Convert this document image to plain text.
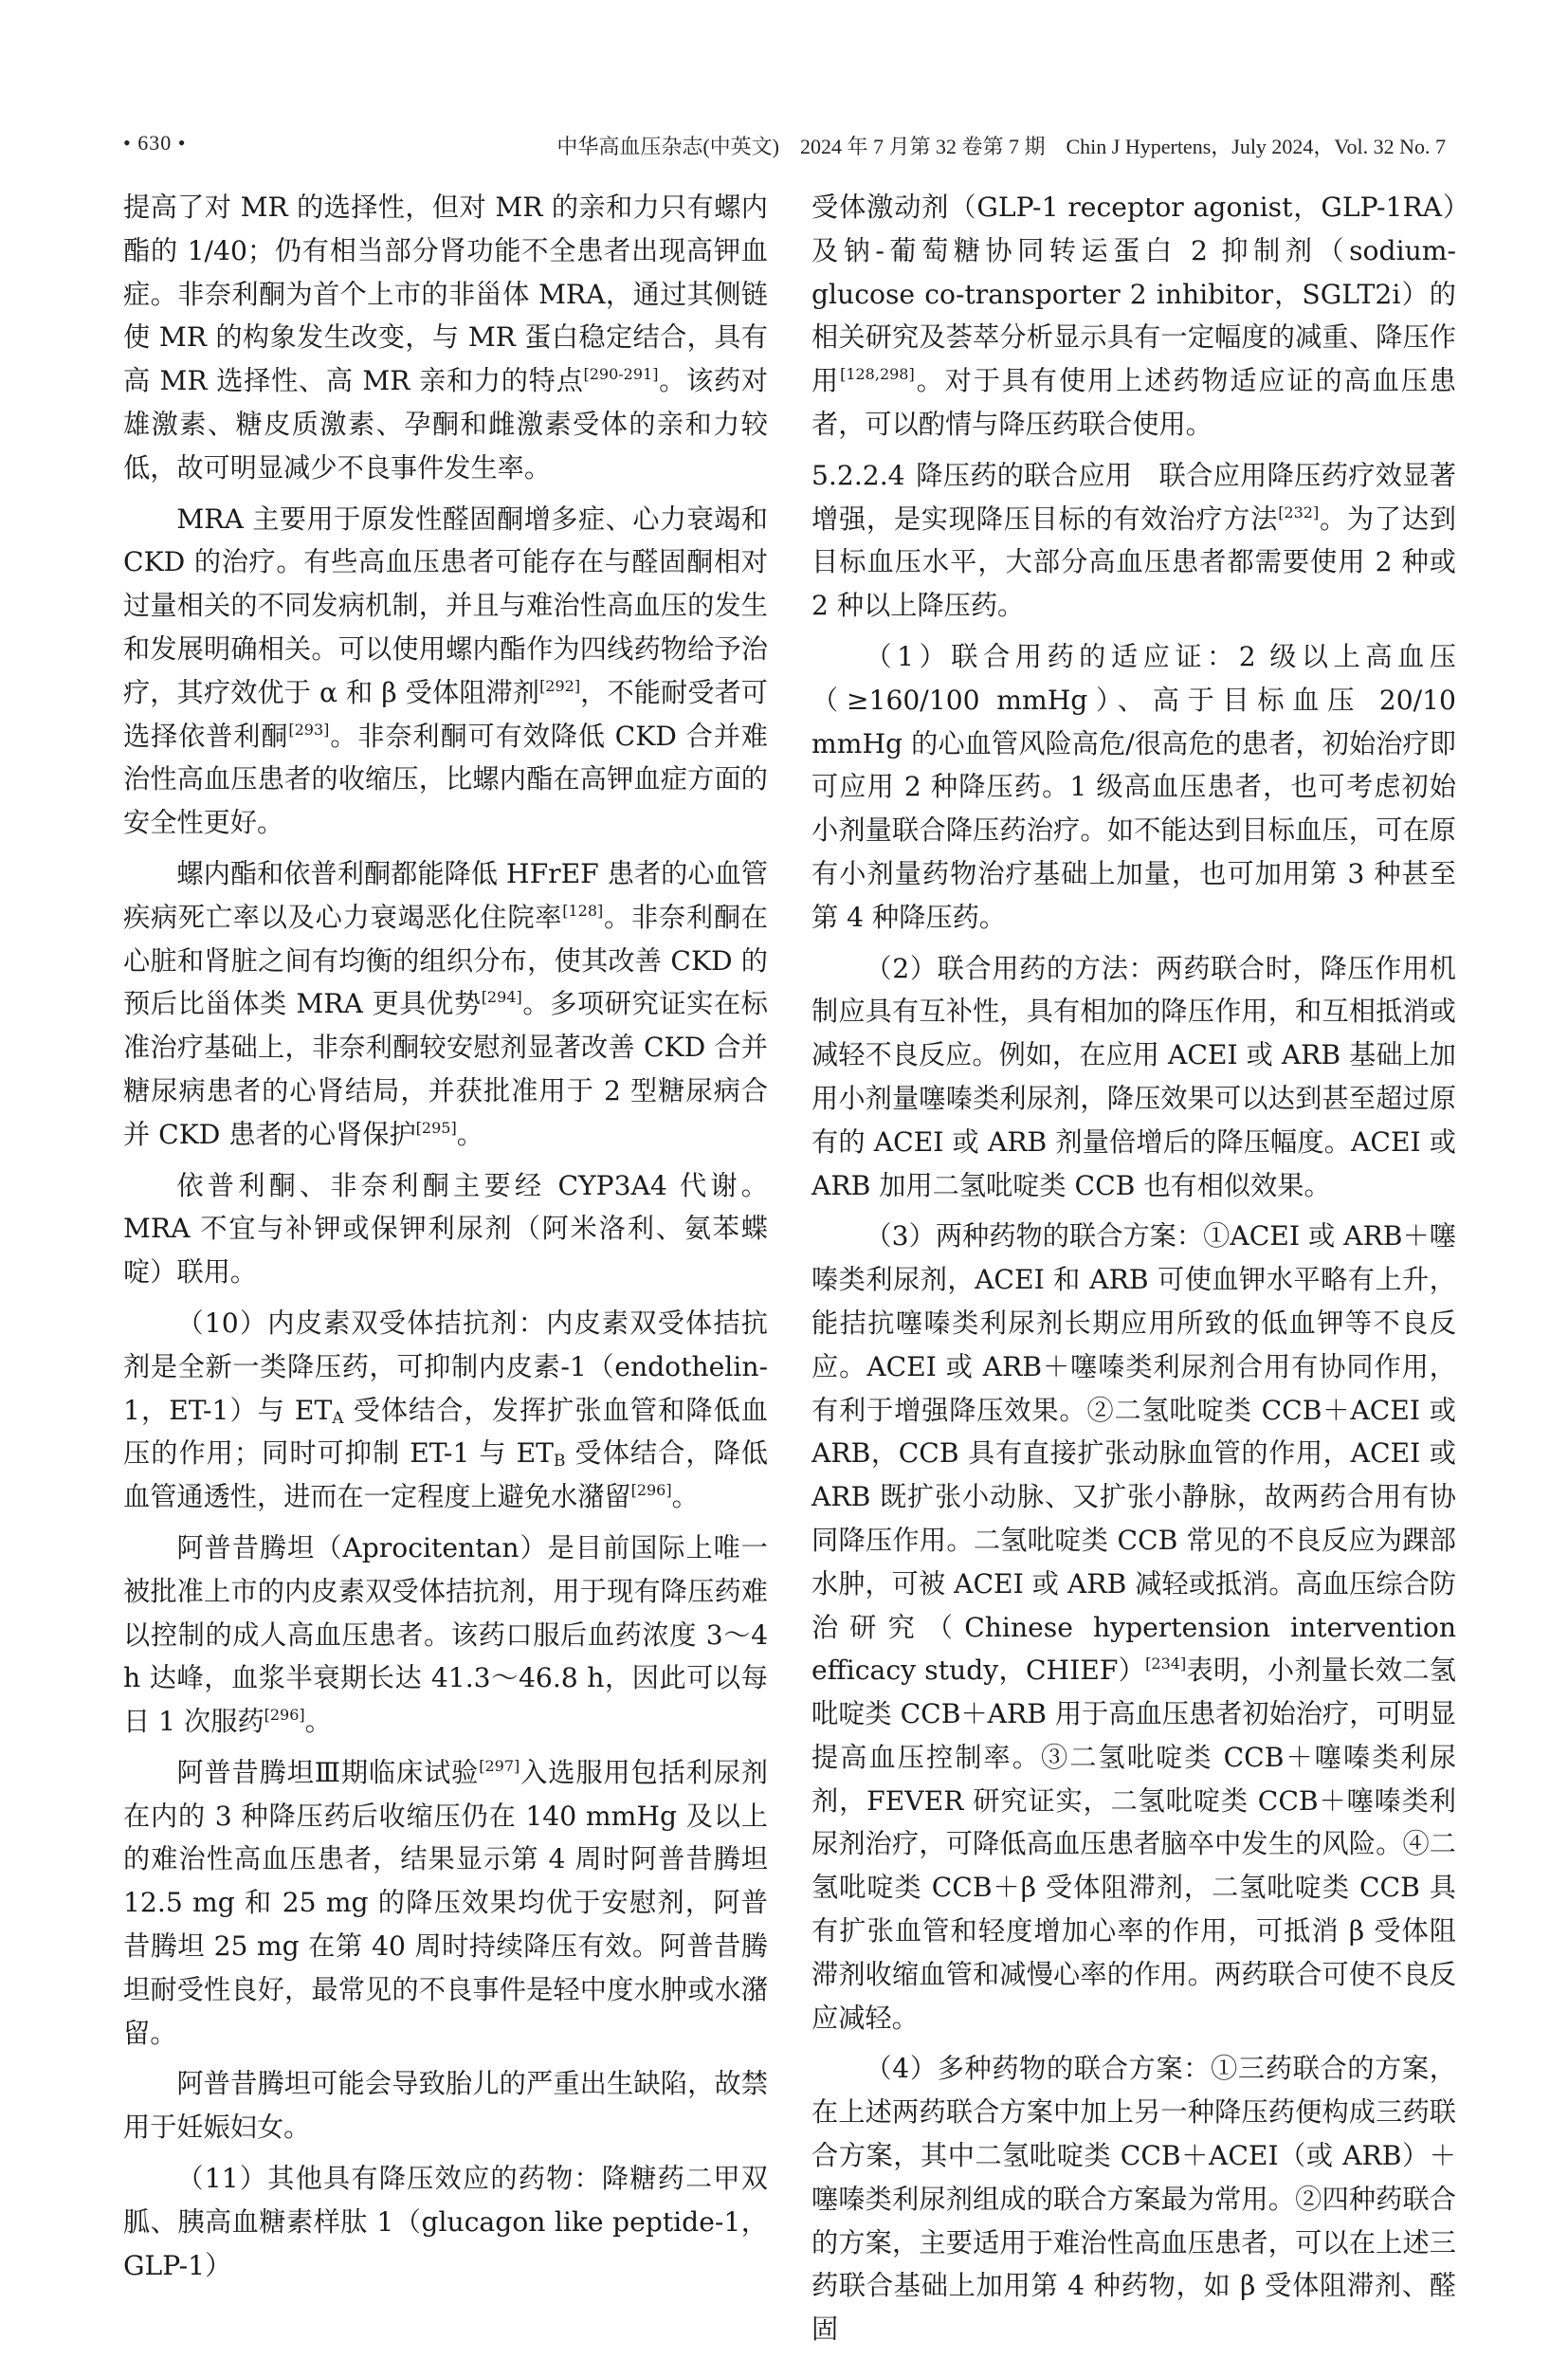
• 630 •	中华高血压杂志(中英文)　2024 年 7 月第 32 卷第 7 期　Chin J Hypertens，July 2024，Vol. 32 No. 7

提高了对 MR 的选择性，但对 MR 的亲和力只有螺内酯的 1/40；仍有相当部分肾功能不全患者出现高钾血症。非奈利酮为首个上市的非甾体 MRA，通过其侧链使 MR 的构象发生改变，与 MR 蛋白稳定结合，具有高 MR 选择性、高 MR 亲和力的特点[290-291]。该药对雄激素、糖皮质激素、孕酮和雌激素受体的亲和力较低，故可明显减少不良事件发生率。

MRA 主要用于原发性醛固酮增多症、心力衰竭和 CKD 的治疗。有些高血压患者可能存在与醛固酮相对过量相关的不同发病机制，并且与难治性高血压的发生和发展明确相关。可以使用螺内酯作为四线药物给予治疗，其疗效优于 α 和 β 受体阻滞剂[292]，不能耐受者可选择依普利酮[293]。非奈利酮可有效降低 CKD 合并难治性高血压患者的收缩压，比螺内酯在高钾血症方面的安全性更好。

螺内酯和依普利酮都能降低 HFrEF 患者的心血管疾病死亡率以及心力衰竭恶化住院率[128]。非奈利酮在心脏和肾脏之间有均衡的组织分布，使其改善 CKD 的预后比甾体类 MRA 更具优势[294]。多项研究证实在标准治疗基础上，非奈利酮较安慰剂显著改善 CKD 合并糖尿病患者的心肾结局，并获批准用于 2 型糖尿病合并 CKD 患者的心肾保护[295]。

依普利酮、非奈利酮主要经 CYP3A4 代谢。MRA 不宜与补钾或保钾利尿剂（阿米洛利、氨苯蝶啶）联用。

（10）内皮素双受体拮抗剂：内皮素双受体拮抗剂是全新一类降压药，可抑制内皮素-1（endothelin-1，ET-1）与 $ET_A$ 受体结合，发挥扩张血管和降低血压的作用；同时可抑制 ET-1 与 $ET_B$ 受体结合，降低血管通透性，进而在一定程度上避免水潴留[296]。

阿普昔腾坦（Aprocitentan）是目前国际上唯一被批准上市的内皮素双受体拮抗剂，用于现有降压药难以控制的成人高血压患者。该药口服后血药浓度 3～4 h 达峰，血浆半衰期长达 41.3～46.8 h，因此可以每日 1 次服药[296]。

阿普昔腾坦Ⅲ期临床试验[297]入选服用包括利尿剂在内的 3 种降压药后收缩压仍在 140 mmHg 及以上的难治性高血压患者，结果显示第 4 周时阿普昔腾坦 12.5 mg 和 25 mg 的降压效果均优于安慰剂，阿普昔腾坦 25 mg 在第 40 周时持续降压有效。阿普昔腾坦耐受性良好，最常见的不良事件是轻中度水肿或水潴留。

阿普昔腾坦可能会导致胎儿的严重出生缺陷，故禁用于妊娠妇女。

（11）其他具有降压效应的药物：降糖药二甲双胍、胰高血糖素样肽 1（glucagon like peptide-1，GLP-1）

受体激动剂（GLP-1 receptor agonist，GLP-1RA）及钠-葡萄糖协同转运蛋白 2 抑制剂（sodium-glucose co-transporter 2 inhibitor，SGLT2i）的相关研究及荟萃分析显示具有一定幅度的减重、降压作用[128,298]。对于具有使用上述药物适应证的高血压患者，可以酌情与降压药联合使用。

5.2.2.4 降压药的联合应用 联合应用降压药疗效显著增强，是实现降压目标的有效治疗方法[232]。为了达到目标血压水平，大部分高血压患者都需要使用 2 种或 2 种以上降压药。

（1）联合用药的适应证：2 级以上高血压（≥160/100 mmHg）、高于目标血压 20/10 mmHg 的心血管风险高危/很高危的患者，初始治疗即可应用 2 种降压药。1 级高血压患者，也可考虑初始小剂量联合降压药治疗。如不能达到目标血压，可在原有小剂量药物治疗基础上加量，也可加用第 3 种甚至第 4 种降压药。

（2）联合用药的方法：两药联合时，降压作用机制应具有互补性，具有相加的降压作用，和互相抵消或减轻不良反应。例如，在应用 ACEI 或 ARB 基础上加用小剂量噻嗪类利尿剂，降压效果可以达到甚至超过原有的 ACEI 或 ARB 剂量倍增后的降压幅度。ACEI 或 ARB 加用二氢吡啶类 CCB 也有相似效果。

（3）两种药物的联合方案：①ACEI 或 ARB＋噻嗪类利尿剂，ACEI 和 ARB 可使血钾水平略有上升，能拮抗噻嗪类利尿剂长期应用所致的低血钾等不良反应。ACEI 或 ARB＋噻嗪类利尿剂合用有协同作用，有利于增强降压效果。②二氢吡啶类 CCB＋ACEI 或 ARB，CCB 具有直接扩张动脉血管的作用，ACEI 或 ARB 既扩张小动脉、又扩张小静脉，故两药合用有协同降压作用。二氢吡啶类 CCB 常见的不良反应为踝部水肿，可被 ACEI 或 ARB 减轻或抵消。高血压综合防治研究（Chinese hypertension intervention efficacy study，CHIEF）[234]表明，小剂量长效二氢吡啶类 CCB＋ARB 用于高血压患者初始治疗，可明显提高血压控制率。③二氢吡啶类 CCB＋噻嗪类利尿剂，FEVER 研究证实，二氢吡啶类 CCB＋噻嗪类利尿剂治疗，可降低高血压患者脑卒中发生的风险。④二氢吡啶类 CCB＋β 受体阻滞剂，二氢吡啶类 CCB 具有扩张血管和轻度增加心率的作用，可抵消 β 受体阻滞剂收缩血管和减慢心率的作用。两药联合可使不良反应减轻。

（4）多种药物的联合方案：①三药联合的方案，在上述两药联合方案中加上另一种降压药便构成三药联合方案，其中二氢吡啶类 CCB＋ACEI（或 ARB）＋噻嗪类利尿剂组成的联合方案最为常用。②四种药联合的方案，主要适用于难治性高血压患者，可以在上述三药联合基础上加用第 4 种药物，如 β 受体阻滞剂、醛固
